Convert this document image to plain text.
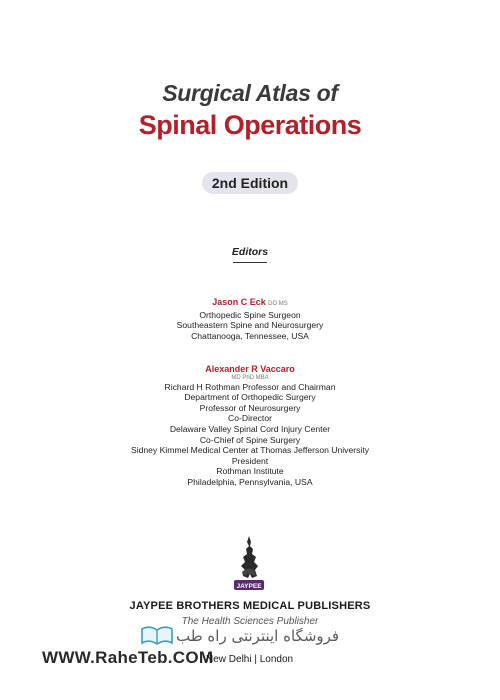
Surgical Atlas of
Spinal Operations
2nd Edition
Editors
Jason C Eck DO MS
Orthopedic Spine Surgeon
Southeastern Spine and Neurosurgery
Chattanooga, Tennessee, USA
Alexander R Vaccaro
MD PhD MBA
Richard H Rothman Professor and Chairman
Department of Orthopedic Surgery
Professor of Neurosurgery
Co-Director
Delaware Valley Spinal Cord Injury Center
Co-Chief of Spine Surgery
Sidney Kimmel Medical Center at Thomas Jefferson University
President
Rothman Institute
Philadelphia, Pennsylvania, USA
JAYPEE
JAYPEE BROTHERS MEDICAL PUBLISHERS
The Health Sciences Publisher
فروشگاه اینترنتی راه طب
WWW.RaheTeb.COM
New Delhi | London
